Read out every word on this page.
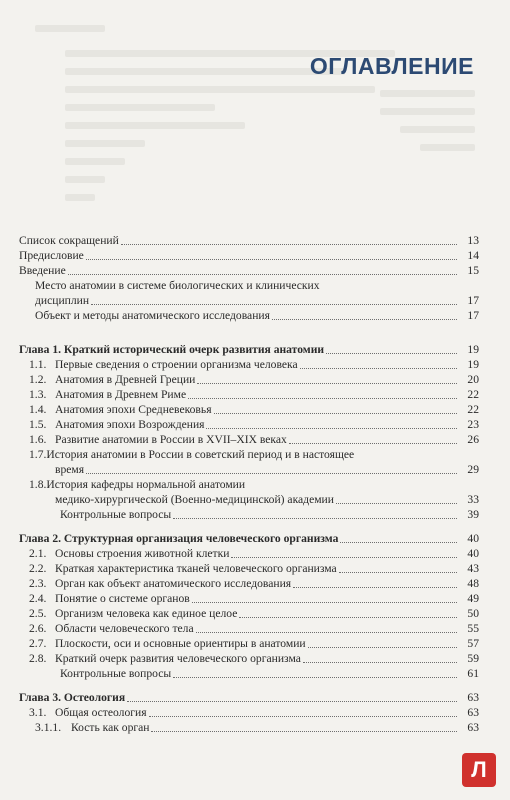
ОГЛАВЛЕНИЕ
Список сокращений	13
Предисловие	14
Введение	15
Место анатомии в системе биологических и клинических
дисциплин	17
Объект и методы анатомического исследования	17
Глава 1. Краткий исторический очерк развития анатомии	19
1.1. Первые сведения о строении организма человека	19
1.2. Анатомия в Древней Греции	20
1.3. Анатомия в Древнем Риме	22
1.4. Анатомия эпохи Средневековья	22
1.5. Анатомия эпохи Возрождения	23
1.6. Развитие анатомии в России в XVII–XIX веках	26
1.7.История анатомии в России в советский период и в настоящее
время	29
1.8.История кафедры нормальной анатомии
медико-хирургической (Военно-медицинской) академии	33
Контрольные вопросы	39
Глава 2. Структурная организация человеческого организма	40
2.1. Основы строения животной клетки	40
2.2. Краткая характеристика тканей человеческого организма	43
2.3. Орган как объект анатомического исследования	48
2.4. Понятие о системе органов	49
2.5. Организм человека как единое целое	50
2.6. Области человеческого тела	55
2.7. Плоскости, оси и основные ориентиры в анатомии	57
2.8. Краткий очерк развития человеческого организма	59
Контрольные вопросы	61
Глава 3. Остеология	63
3.1. Общая остеология	63
3.1.1. Кость как орган	63
Л
